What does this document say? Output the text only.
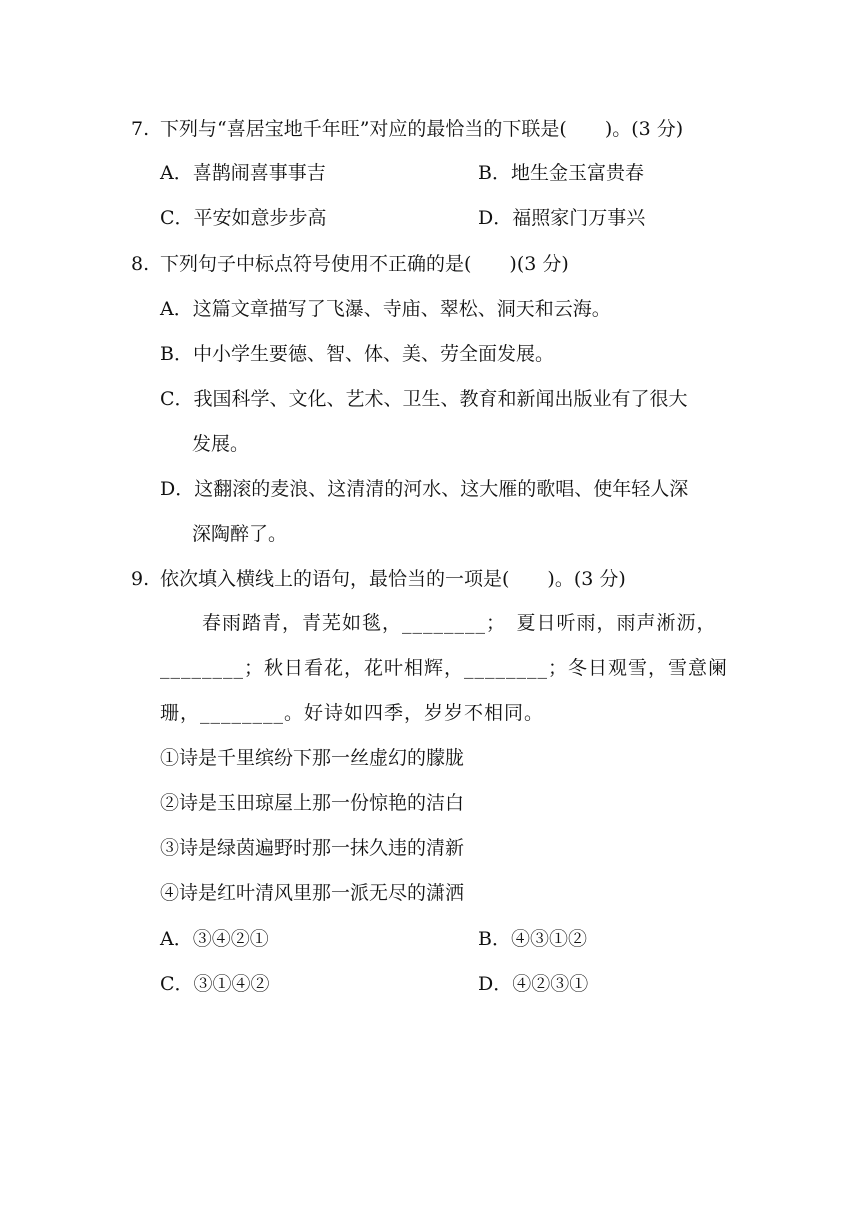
7. 下列与“喜居宝地千年旺”对应的最恰当的下联是(　　)。(3 分)
A．喜鹊闹喜事事吉	B．地生金玉富贵春
C．平安如意步步高	D．福照家门万事兴
8. 下列句子中标点符号使用不正确的是(　　)(3 分)
A．这篇文章描写了飞瀑、寺庙、翠松、洞天和云海。
B．中小学生要德、智、体、美、劳全面发展。
C．我国科学、文化、艺术、卫生、教育和新闻出版业有了很大
发展。
D．这翻滚的麦浪、这清清的河水、这大雁的歌唱、使年轻人深
深陶醉了。
9. 依次填入横线上的语句，最恰当的一项是(　　)。(3 分)
春雨踏青，青芜如毯，________；　夏日听雨，雨声淅沥，
________；秋日看花，花叶相辉，________；冬日观雪，雪意阑
珊，________。好诗如四季，岁岁不相同。
①诗是千里缤纷下那一丝虚幻的朦胧
②诗是玉田琼屋上那一份惊艳的洁白
③诗是绿茵遍野时那一抹久违的清新
④诗是红叶清风里那一派无尽的潇洒
A．③④②①	B．④③①②
C．③①④②	D．④②③①
